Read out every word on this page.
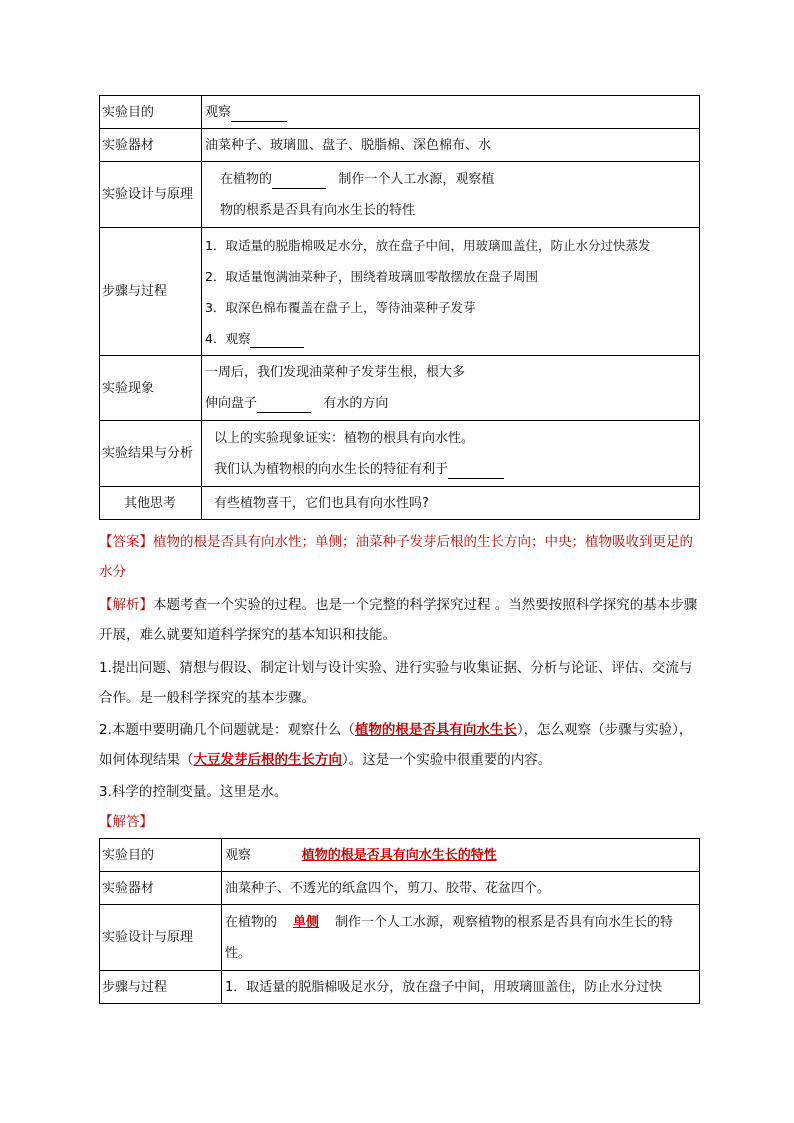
实验目的	观察
实验器材	油菜种子、玻璃皿、盘子、脱脂棉、深色棉布、水
实验设计与原理	在植物的 制作一个人工水源，观察植
物的根系是否具有向水生长的特性

步骤与过程	1．取适量的脱脂棉吸足水分，放在盘子中间，用玻璃皿盖住，防止水分过快蒸发
2．取适量饱满油菜种子，围绕着玻璃皿零散摆放在盘子周围
3．取深色棉布覆盖在盘子上，等待油菜种子发芽
4．观察

实验现象	一周后，我们发现油菜种子发芽生根，根大多
伸向盘子 有水的方向

实验结果与分析	以上的实验现象证实：植物的根具有向水性。
我们认为植物根的向水生长的特征有利于

其他思考	有些植物喜干，它们也具有向水性吗?
【答案】植物的根是否具有向水性；单侧；油菜种子发芽后根的生长方向；中央；植物吸收到更足的水分
【解析】本题考查一个实验的过程。也是一个完整的科学探究过程 。当然要按照科学探究的基本步骤开展，难么就要知道科学探究的基本知识和技能。
1.提出问题、猜想与假设、制定计划与设计实验、进行实验与收集证据、分析与论证、评估、交流与合作。是一般科学探究的基本步骤。
2.本题中要明确几个问题就是：观察什么（植物的根是否具有向水生长），怎么观察（步骤与实验），如何体现结果（大豆发芽后根的生长方向）。这是一个实验中很重要的内容。
3.科学的控制变量。这里是水。
【解答】
实验目的	观察 植物的根是否具有向水生长的特性
实验器材	油菜种子、不透光的纸盒四个，剪刀、胶带、花盆四个。
实验设计与原理	在植物的 单侧 制作一个人工水源，观察植物的根系是否具有向水生长的特性。
步骤与过程	1．取适量的脱脂棉吸足水分，放在盘子中间，用玻璃皿盖住，防止水分过快
